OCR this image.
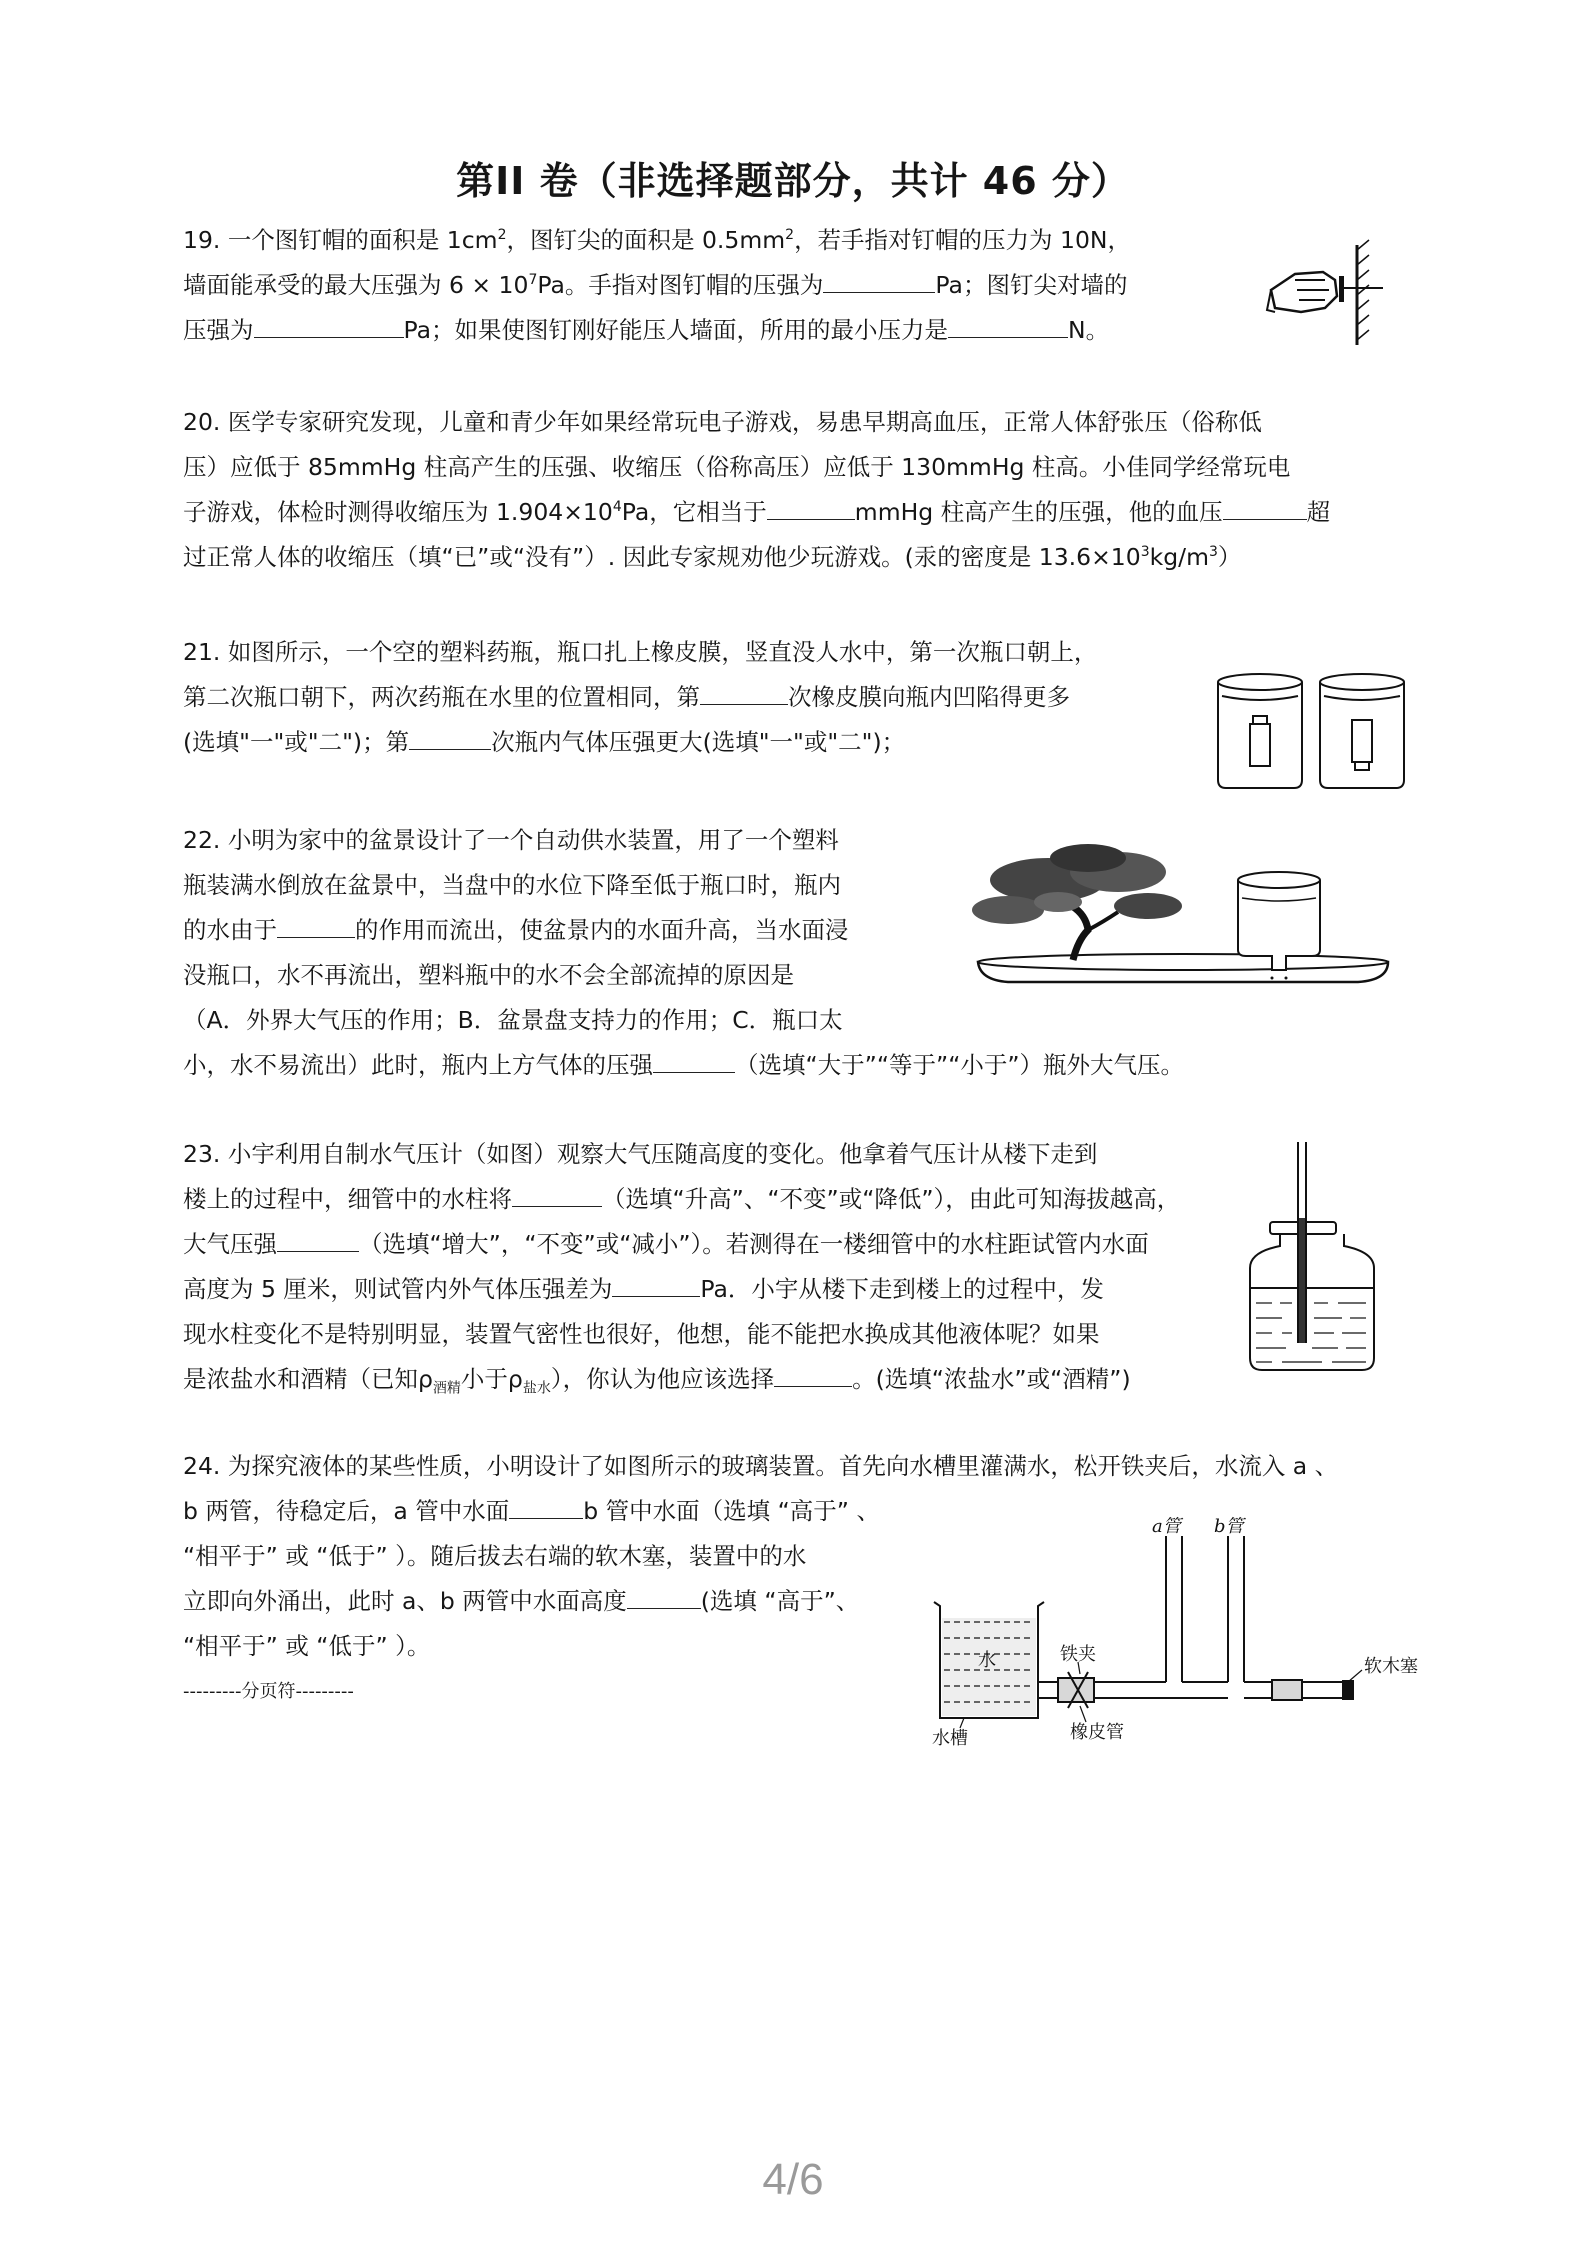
第II 卷（非选择题部分，共计 46 分）
19. 一个图钉帽的面积是 $1cm^2$，图钉尖的面积是 $0.5mm^2$，若手指对钉帽的压力为 10N，
墙面能承受的最大压强为 $6 \times 10^7Pa$。手指对图钉帽的压强为	Pa；图钉尖对墙的
压强为	Pa；如果使图钉刚好能压人墙面，所用的最小压力是	N。
20. 医学专家研究发现，儿童和青少年如果经常玩电子游戏，易患早期高血压，正常人体舒张压（俗称低
压）应低于 85mmHg 柱高产生的压强、收缩压（俗称高压）应低于 130mmHg 柱高。小佳同学经常玩电
子游戏，体检时测得收缩压为 $1.904\times 10^4Pa$，它相当于	mmHg 柱高产生的压强，他的血压	超
过正常人体的收缩压（填“已”或“没有”）. 因此专家规劝他少玩游戏。(汞的密度是 $13.6\times 10^3kg/m^3$）
21. 如图所示，一个空的塑料药瓶，瓶口扎上橡皮膜，竖直没人水中，第一次瓶口朝上，
第二次瓶口朝下，两次药瓶在水里的位置相同，第	次橡皮膜向瓶内凹陷得更多
(选填"一"或"二")；第	次瓶内气体压强更大(选填"一"或"二")；
22. 小明为家中的盆景设计了一个自动供水装置，用了一个塑料
瓶装满水倒放在盆景中，当盘中的水位下降至低于瓶口时，瓶内
的水由于	的作用而流出，使盆景内的水面升高，当水面浸
没瓶口，水不再流出，塑料瓶中的水不会全部流掉的原因是
（A．外界大气压的作用；B．盆景盘支持力的作用；C．瓶口太
小，水不易流出）此时，瓶内上方气体的压强	（选填“大于”“等于”“小于”）瓶外大气压。
23. 小宇利用自制水气压计（如图）观察大气压随高度的变化。他拿着气压计从楼下走到
楼上的过程中，细管中的水柱将	（选填“升高”、“不变”或“降低”），由此可知海拔越高，
大气压强	（选填“增大”，“不变”或“减小”）。若测得在一楼细管中的水柱距试管内水面
高度为 5 厘米，则试管内外气体压强差为	Pa．小宇从楼下走到楼上的过程中，发
现水柱变化不是特别明显，装置气密性也很好，他想，能不能把水换成其他液体呢？如果
是浓盐水和酒精（已知$\rho_{酒精}$小于$\rho_{盐水}$），你认为他应该选择	。(选填“浓盐水”或“酒精”)
24. 为探究液体的某些性质，小明设计了如图所示的玻璃装置。首先向水槽里灌满水，松开铁夹后，水流入 a 、
b 两管，待稳定后，a 管中水面	b 管中水面（选填 “高于” 、
“相平于” 或 “低于” ）。随后拔去右端的软木塞，装置中的水
立即向外涌出，此时 a、b 两管中水面高度	(选填 “高于”、
“相平于” 或 “低于” ）。
---------分页符---------
a管 b管
铁夹
软木塞
水
水槽	橡皮管
4/6
